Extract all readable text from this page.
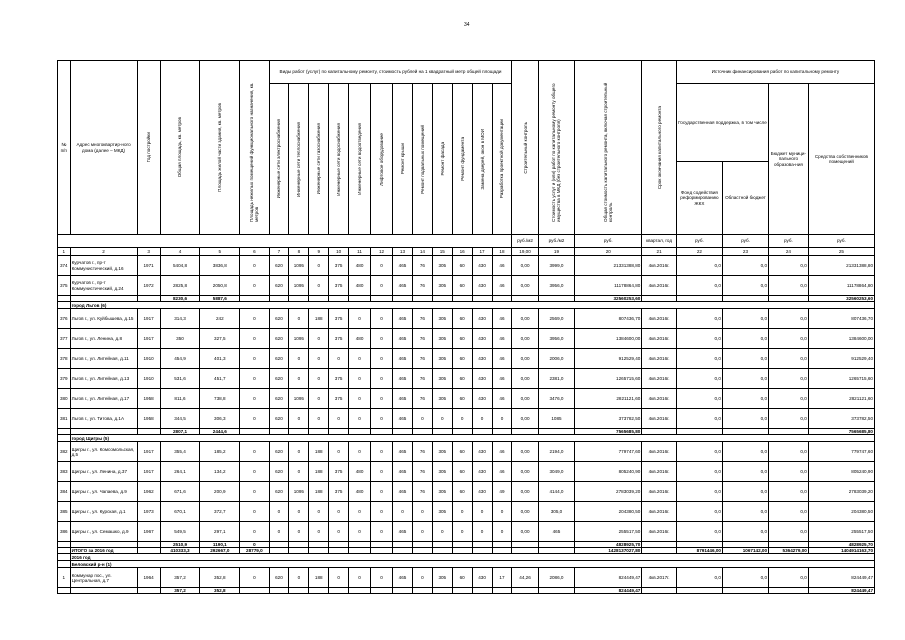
34
№ п/п	Адрес многоквартир-ного дома (далее – МКД)	Год постройки	Общая площадь, кв. метров	Площадь жилой части здания, кв. метров	Площадь нежилых помещений функционального назначения, кв. метров	Виды работ (услуг) по капитальному ремонту, стоимость рублей на 1 квадратный метр общей площади												Строительный контроль	Стоимость услуг и (или) работ по капитальному ремонту общего имущества в МКД (без строительного контроля)	Общая стоимость капитального ремонта, включая строительный контроль	Срок окончания капитального ремонта	Источник финансирования работ по капитальному ремонту			

						Инженерные сети электроснабжения	Инженерные сети теплоснабжения	Инженерные сети газоснабжения	Инженерные сети водоснабжения	Инженерные сети водоотведения	Лифтовое оборудование	Ремонт крыши	Ремонт подвальных помещений	Ремонт фасада	Ремонт фундамента	Замена дверей, окон в МОИ	Разработка проектной документации					Государственная поддержка, в том числе		Бюджет муници-пального образова-ния	Средства собственников помещений
																						Фонд содействия реформированию ЖКХ	Областной бюджет		
																		руб./м2	руб./м2	руб.	квартал, год	руб.	руб.	руб.	руб.
1	2	3	4	5	6	7	8	9	10	11	12	13	14	15	16	17	18	19,00	19	20	21	22	23	24	25
374	Курчатов г., пр-т Коммунистический, д.16	1971	5404,8	3836,8	0	620	1095	0	375	480	0	465	76	305	60	430	46	0,00	3999,0	21331388,80	4кв.2016г.	0,0	0,0	0,0	21331388,80
375	Курчатов г., пр-т Коммунистический, д.24	1972	2825,8	2050,8	0	620	1095	0	375	480	0	465	76	305	60	430	46	0,00	3956,0	11178864,80	4кв.2016г.	0,0	0,0	0,0	11178864,80
			8230,6	5887,6																32560253,60					32560253,60
	город Льгов (6)																								
376	Льгов г., ул. Куйбышева, д.15	1917	314,3	242	0	620	0	188	375	0	0	465	76	305	60	430	46	0,00	2569,0	807436,70	4кв.2016г.	0,0	0,0	0,0	807436,70
377	Льгов г., ул. Ленина, д.8	1917	350	327,5	0	620	1095	0	375	480	0	465	76	305	60	430	46	0,00	3956,0	1384600,00	4кв.2016г.	0,0	0,0	0,0	1384600,00
378	Льгов г., ул. Литейная, д.11	1910	454,9	401,3	0	620	0	0	0	0	0	465	76	305	60	430	46	0,00	2006,0	912529,40	4кв.2016г.	0,0	0,0	0,0	912529,40
379	Льгов г., ул. Литейная, д.13	1910	531,6	451,7	0	620	0	0	375	0	0	465	76	305	60	430	46	0,00	2381,0	1265715,60	4кв.2016г.	0,0	0,0	0,0	1265715,60
380	Льгов г., ул. Литейная, д.17	1958	811,6	738,8	0	620	1095	0	375	0	0	465	76	305	60	430	46	0,00	3476,0	2821121,60	4кв.2016г.	0,0	0,0	0,0	2821121,60
381	Льгов г., ул. Титова, д.1А	1958	344,5	306,3	0	620	0	0	0	0	0	465	0	0	0	0	0	0,00	1085	373782,50	4кв.2016г.	0,0	0,0	0,0	373782,50
			2807,1	2444,6																7565685,80					7565685,80
	город Щигры (5)																								
382	Щигры г., ул. Комсомольская, д.5	1917	355,4	185,2	0	620	0	188	0	0	0	465	76	305	60	430	46	0,00	2194,0	779747,60	4кв.2016г.	0,0	0,0	0,0	779747,60
383	Щигры г., ул. Ленина, д.37	1917	264,1	134,2	0	620	0	188	375	480	0	465	76	305	60	430	46	0,00	3049,0	805240,90	4кв.2016г.	0,0	0,0	0,0	805240,90
384	Щигры г., ул. Чапаева, д.9	1962	671,6	200,9	0	620	1095	188	375	480	0	465	76	305	60	430	49	0,00	4144,0	2783039,20	4кв.2016г.	0,0	0,0	0,0	2783039,20
385	Щигры г., ул. Курская, д.1	1973	670,1	372,7	0	0	0	0	0	0	0	0	0	305	0	0	0	0,00	305,0	204380,50	4кв.2016г.	0,0	0,0	0,0	204380,50
386	Щигры г., ул. Семашко, д.9	1967	549,5	297,1	0	0	0	0	0	0	0	465	0	0	0	0	0	0,00	465	255517,50	4кв.2016г.	0,0	0,0	0,0	255517,50
			2510,9	1190,1	0															4828925,70					4828925,70
	ИТОГО за 2016 год		410333,3	292667,0	28779,0															1428137027,80		8791446,00	1067142,00	5364279,00	1404914163,70
	2016 год																								
	Беловский р-н (1)																								
1	Коммунар пос., ул. Центральная, д.7	1964	357,2	352,8	0	620	0	188	0	0	0	465	0	305	60	430	17	44,26	2086,0	824449,47	4кв.2017г.	0,0	0,0	0,0	824449,47
			357,2	352,8																824449,47					824449,47
